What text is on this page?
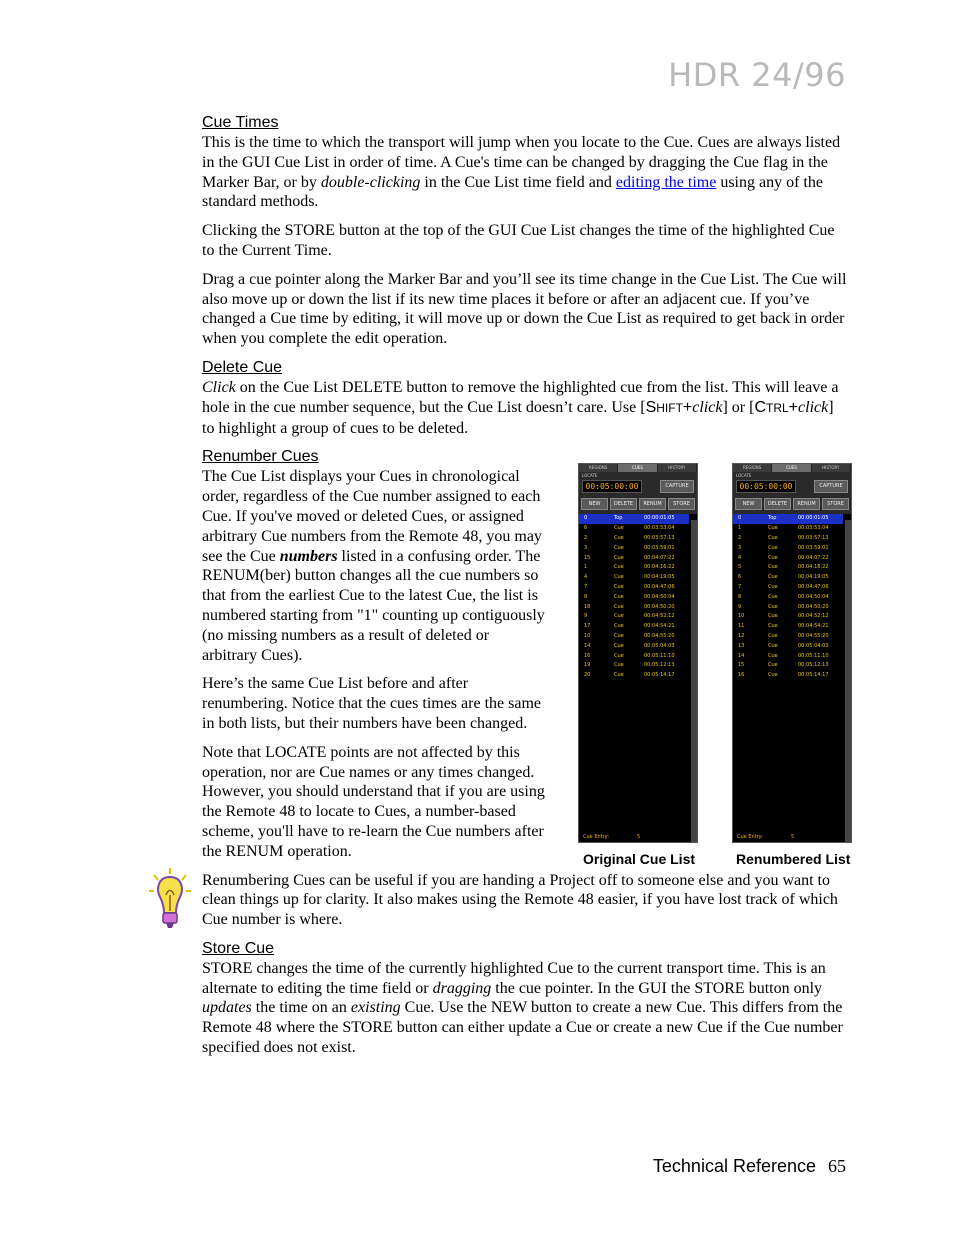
HDR 24/96
Cue Times

This is the time to which the transport will jump when you locate to the Cue. Cues are always listed in the GUI Cue List in order of time. A Cue's time can be changed by dragging the Cue flag in the Marker Bar, or by double-clicking in the Cue List time field and editing the time using any of the standard methods.

Clicking the STORE button at the top of the GUI Cue List changes the time of the highlighted Cue to the Current Time.

Drag a cue pointer along the Marker Bar and you’ll see its time change in the Cue List. The Cue will also move up or down the list if its new time places it before or after an adjacent cue. If you’ve changed a Cue time by editing, it will move up or down the Cue List as required to get back in order when you complete the edit operation.

Delete Cue

Click on the Cue List DELETE button to remove the highlighted cue from the list. This will leave a hole in the cue number sequence, but the Cue List doesn’t care. Use [SHIFT+click] or [CTRL+click] to highlight a group of cues to be deleted.

Renumber Cues

The Cue List displays your Cues in chronological order, regardless of the Cue number assigned to each Cue. If you've moved or deleted Cues, or assigned arbitrary Cue numbers from the Remote 48, you may see the Cue numbers listed in a confusing order. The RENUM(ber) button changes all the cue numbers so that from the earliest Cue to the latest Cue, the list is numbered starting from "1" counting up contiguously (no missing numbers as a result of deleted or arbitrary Cues).

Here’s the same Cue List before and after renumbering. Notice that the cues times are the same in both lists, but their numbers have been changed.

Note that LOCATE points are not affected by this operation, nor are Cue names or any times changed. However, you should understand that if you are using the Remote 48 to locate to Cues, a number-based scheme, you'll have to re-learn the Cue numbers after the RENUM operation.

REGIONS	CUES	HISTORY
LOCATE
00:05:00:00	CAPTURE
NEW	DELETE	RENUM	STORE
0	Top	00:00:01:05
6	Cue	00:03:53:04
2	Cue	00:03:57:13
3	Cue	00:03:59:01
15	Cue	00:04:07:22
1	Cue	00:04:16:22
4	Cue	00:04:19:05
7	Cue	00:04:47:06
8	Cue	00:04:50:04
18	Cue	00:04:50:20
9	Cue	00:04:52:12
17	Cue	00:04:54:21
10	Cue	00:04:55:20
14	Cue	00:05:04:03
16	Cue	00:05:11:10
19	Cue	00:05:12:13
20	Cue	00:05:14:17
Cue Entry:	5
REGIONS	CUES	HISTORY
LOCATE
00:05:00:00	CAPTURE
NEW	DELETE	RENUM	STORE
0	Top	00:00:01:05
1	Cue	00:03:53:04
2	Cue	00:03:57:13
3	Cue	00:03:59:01
4	Cue	00:04:07:22
5	Cue	00:04:16:22
6	Cue	00:04:19:05
7	Cue	00:04:47:06
8	Cue	00:04:50:04
9	Cue	00:04:50:20
10	Cue	00:04:52:12
11	Cue	00:04:54:21
12	Cue	00:04:55:20
13	Cue	00:05:04:03
14	Cue	00:05:11:10
15	Cue	00:05:12:13
16	Cue	00:05:14:17
Cue Entry:	5
Original Cue List	Renumbered List

Renumbering Cues can be useful if you are handing a Project off to someone else and you want to clean things up for clarity. It also makes using the Remote 48 easier, if you have lost track of which Cue number is where.

Store Cue

STORE changes the time of the currently highlighted Cue to the current transport time. This is an alternate to editing the time field or dragging the cue pointer. In the GUI the STORE button only updates the time on an existing Cue. Use the NEW button to create a new Cue. This differs from the Remote 48 where the STORE button can either update a Cue or create a new Cue if the Cue number specified does not exist.

Technical Reference 65
